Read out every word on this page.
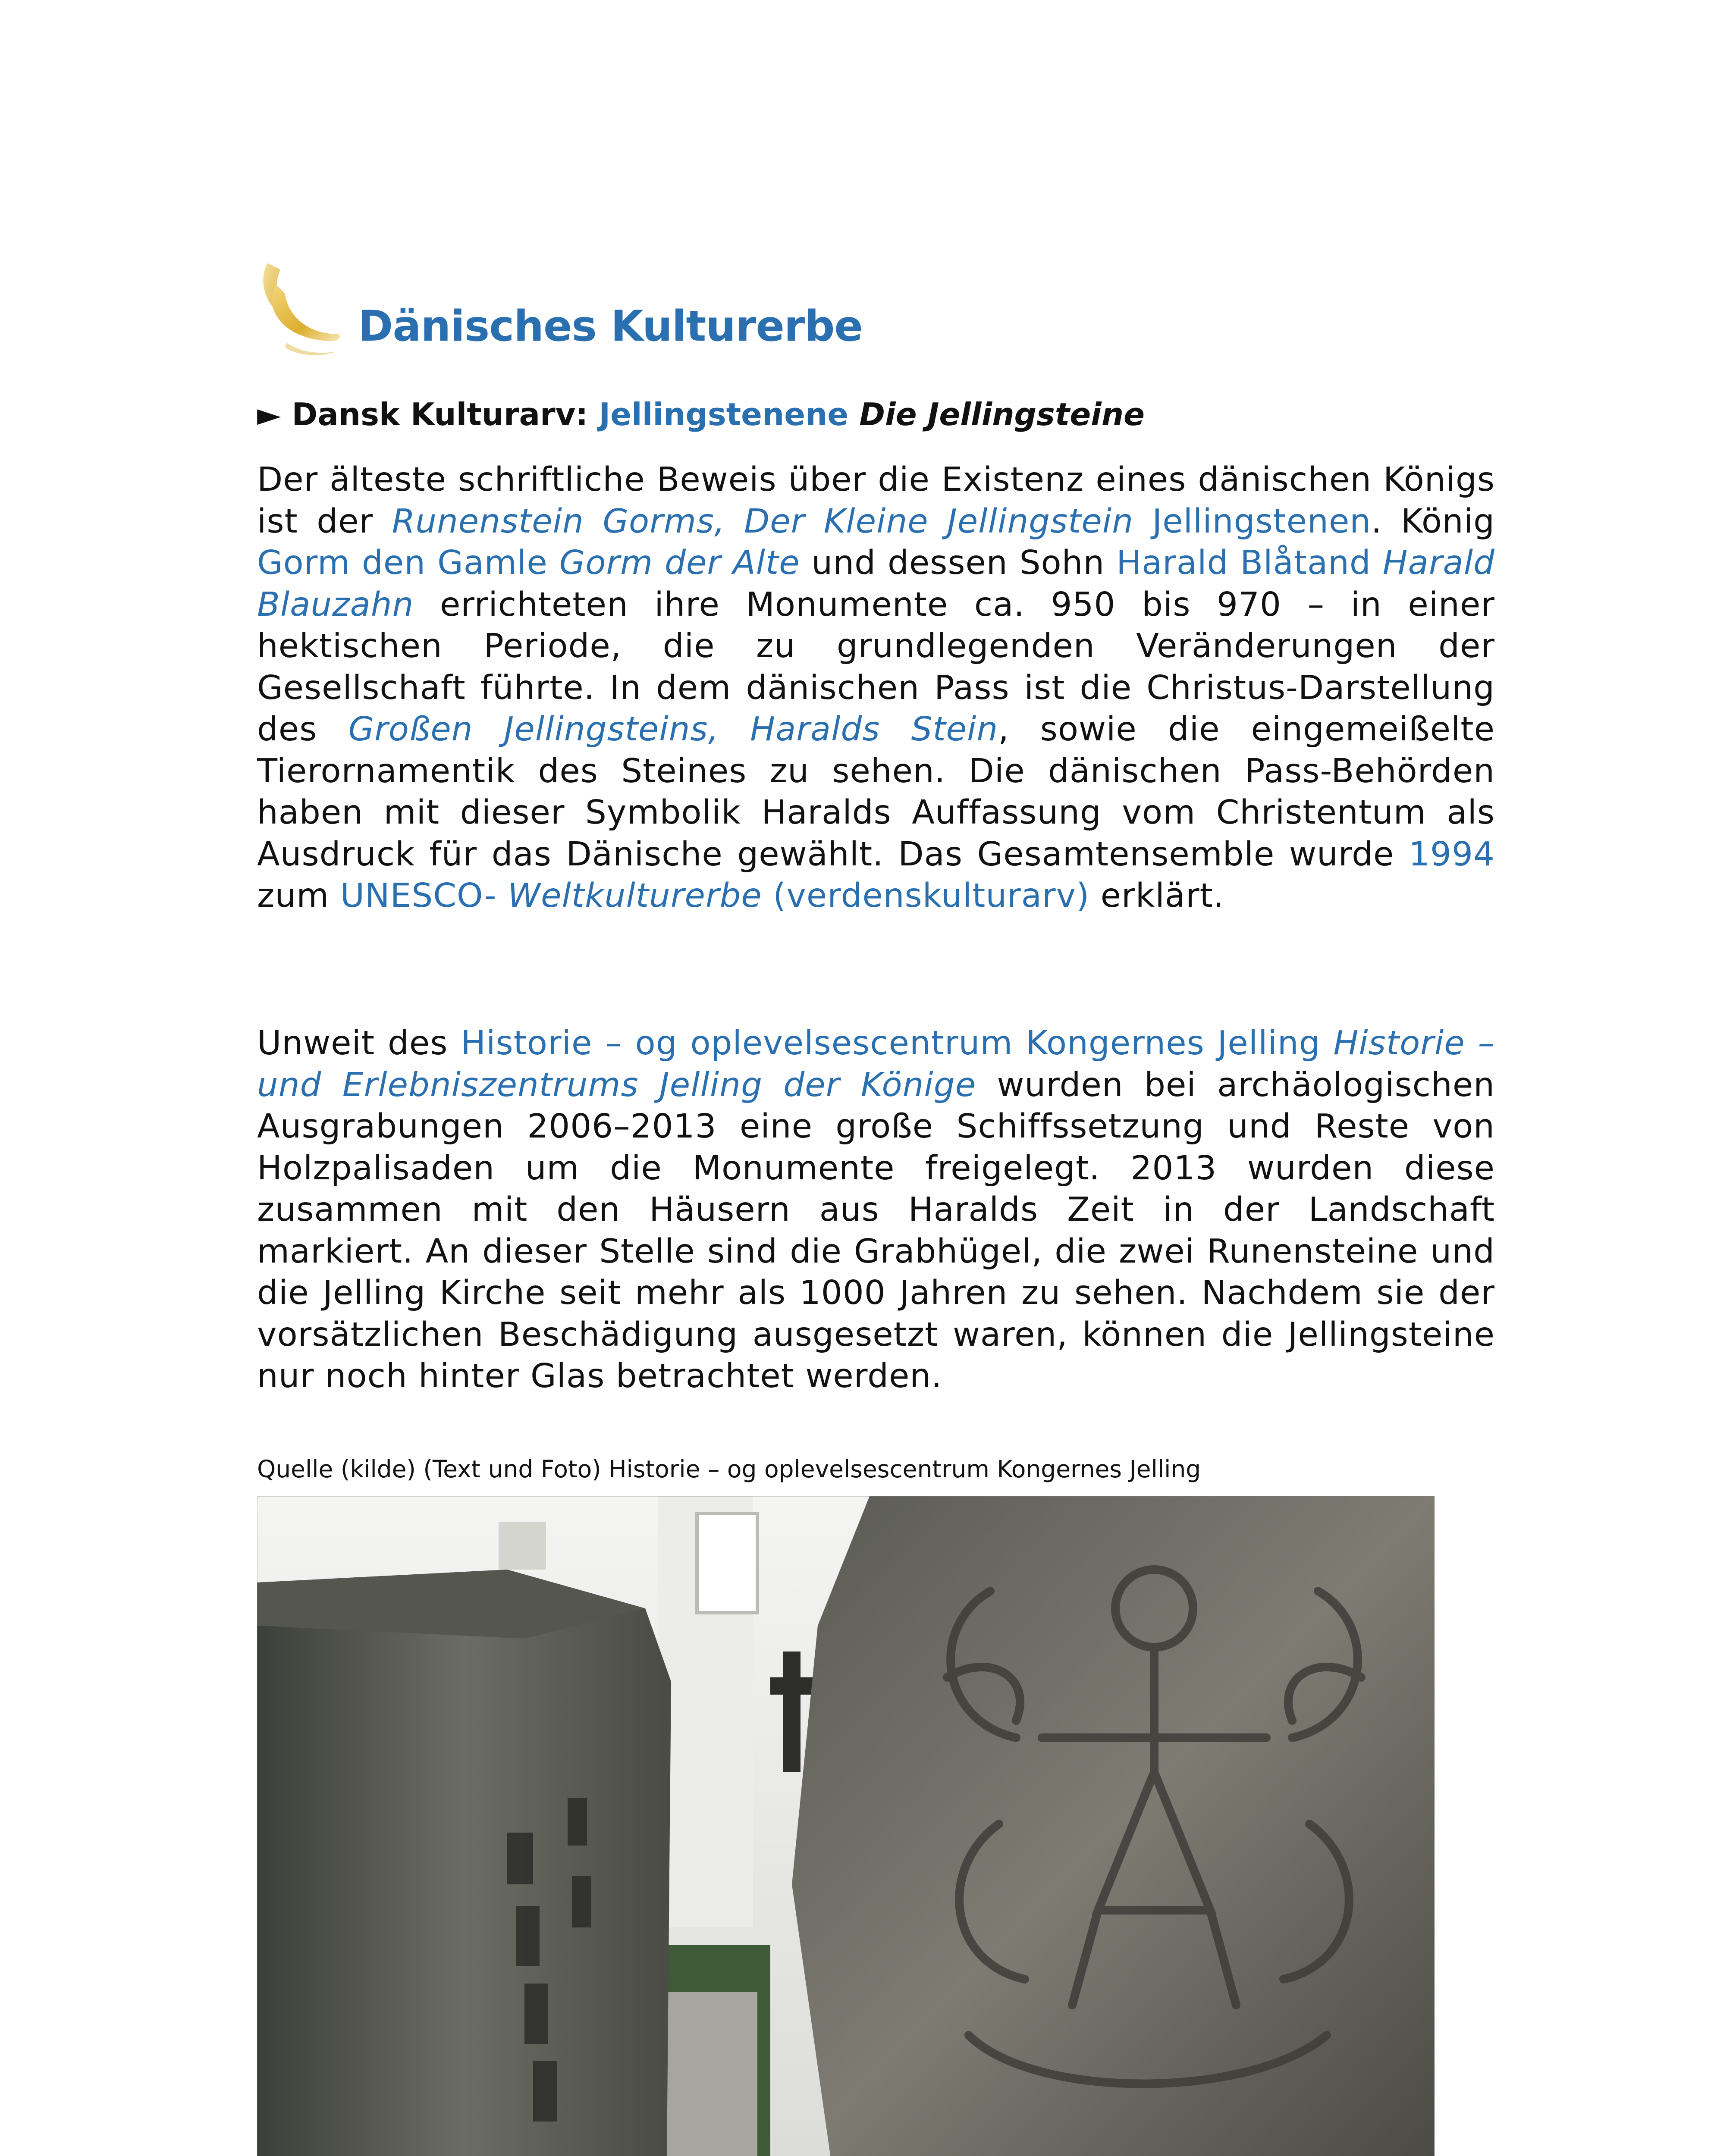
Dänisches Kulturerbe
► Dansk Kulturarv: Jellingstenene Die Jellingsteine

Der älteste schriftliche Beweis über die Existenz eines dänischen Königs ist der Runenstein Gorms, Der Kleine Jellingstein Jellingstenen. König Gorm den Gamle Gorm der Alte und dessen Sohn Harald Blåtand Harald Blauzahn errichteten ihre Monumente ca. 950 bis 970 – in einer hektischen Periode, die zu grundlegenden Veränderungen der Gesellschaft führte. In dem dänischen Pass ist die Christus-Darstellung des Großen Jellingsteins, Haralds Stein, sowie die eingemeißelte Tierornamentik des Steines zu sehen. Die dänischen Pass-Behörden haben mit dieser Symbolik Haralds Auffassung vom Christentum als Ausdruck für das Dänische gewählt. Das Gesamtensemble wurde 1994 zum UNESCO- Weltkulturerbe (verdenskulturarv) erklärt.

Unweit des Historie – og oplevelsescentrum Kongernes Jelling Historie – und Erlebniszentrums Jelling der Könige wurden bei archäologischen Ausgrabungen 2006–2013 eine große Schiffssetzung und Reste von Holzpalisaden um die Monumente freigelegt. 2013 wurden diese zusammen mit den Häusern aus Haralds Zeit in der Landschaft markiert. An dieser Stelle sind die Grabhügel, die zwei Runensteine und die Jelling Kirche seit mehr als 1000 Jahren zu sehen. Nachdem sie der vorsätzlichen Beschädigung ausgesetzt waren, können die Jellingsteine nur noch hinter Glas betrachtet werden.

Quelle (kilde) (Text und Foto) Historie – og oplevelsescentrum Kongernes Jelling
